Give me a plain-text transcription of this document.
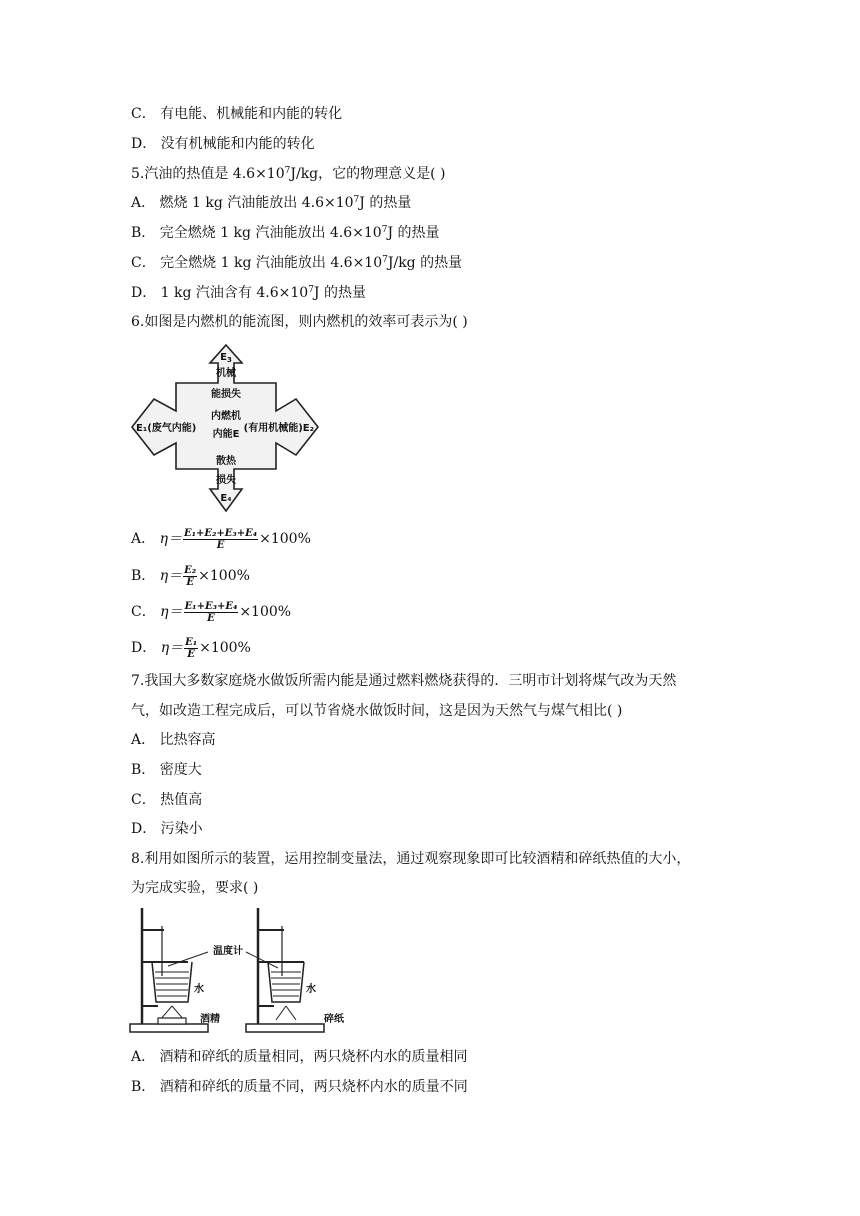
C． 有电能、机械能和内能的转化
D． 没有机械能和内能的转化
5.汽油的热值是 $4.6\times 10^7J/kg$，它的物理意义是( )
A． 燃烧 1 kg 汽油能放出 $4.6\times 10^7J$ 的热量
B． 完全燃烧 1 kg 汽油能放出 $4.6\times 10^7J$ 的热量
C． 完全燃烧 1 kg 汽油能放出 $4.6\times 10^7J/kg$ 的热量
D． 1 kg 汽油含有 $4.6\times 10^7J$ 的热量
6.如图是内燃机的能流图，则内燃机的效率可表示为( )
$E_3$
机械
能损失
内燃机
内能E
E₁(废气内能)	(有用机械能)E₂
散热
损失
E₄
A． $\eta= \frac{\text{E₁+E₂+E₃+E₄}}{E} \times 100\%$
B． $\eta= \frac{\text{E₂}}{E} \times 100\%$
C． $\eta= \frac{\text{E₁+E₃+E₄}}{E} \times 100\%$
D． $\eta= \frac{\text{E₁}}{E} \times 100\%$
7.我国大多数家庭烧水做饭所需内能是通过燃料燃烧获得的．三明市计划将煤气改为天然
气，如改造工程完成后，可以节省烧水做饭时间，这是因为天然气与煤气相比( )
A． 比热容高
B． 密度大
C． 热值高
D． 污染小
8.利用如图所示的装置，运用控制变量法，通过观察现象即可比较酒精和碎纸热值的大小，
为完成实验，要求( )
温度计
水	水
酒精	碎纸
A． 酒精和碎纸的质量相同，两只烧杯内水的质量相同
B． 酒精和碎纸的质量不同，两只烧杯内水的质量不同
